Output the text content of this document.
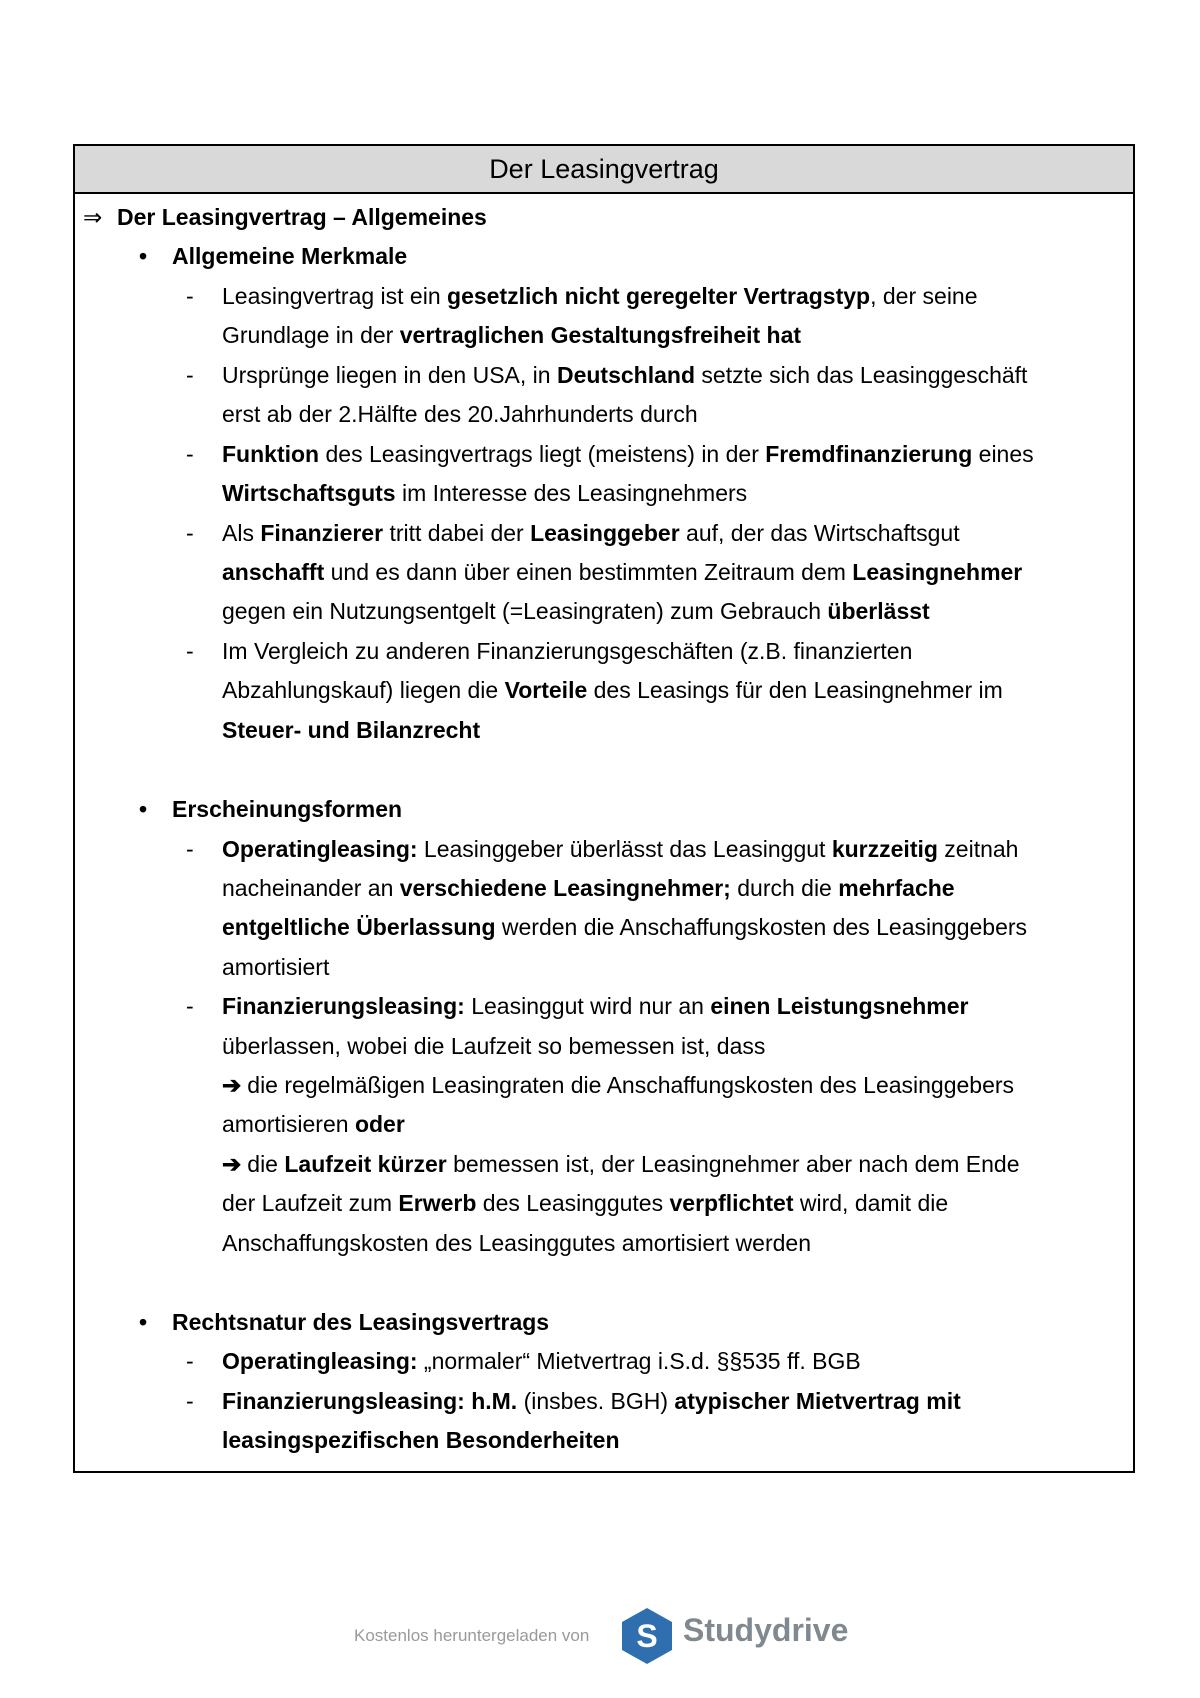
Der Leasingvertrag
⇒ Der Leasingvertrag – Allgemeines
• Allgemeine Merkmale
- Leasingvertrag ist ein gesetzlich nicht geregelter Vertragstyp, der seine
Grundlage in der vertraglichen Gestaltungsfreiheit hat
- Ursprünge liegen in den USA, in Deutschland setzte sich das Leasinggeschäft
erst ab der 2.Hälfte des 20.Jahrhunderts durch
- Funktion des Leasingvertrags liegt (meistens) in der Fremdfinanzierung eines
Wirtschaftsguts im Interesse des Leasingnehmers
- Als Finanzierer tritt dabei der Leasinggeber auf, der das Wirtschaftsgut
anschafft und es dann über einen bestimmten Zeitraum dem Leasingnehmer
gegen ein Nutzungsentgelt (=Leasingraten) zum Gebrauch überlässt
- Im Vergleich zu anderen Finanzierungsgeschäften (z.B. finanzierten
Abzahlungskauf) liegen die Vorteile des Leasings für den Leasingnehmer im
Steuer- und Bilanzrecht
• Erscheinungsformen
- Operatingleasing: Leasinggeber überlässt das Leasinggut kurzzeitig zeitnah
nacheinander an verschiedene Leasingnehmer; durch die mehrfache
entgeltliche Überlassung werden die Anschaffungskosten des Leasinggebers
amortisiert
- Finanzierungsleasing: Leasinggut wird nur an einen Leistungsnehmer
überlassen, wobei die Laufzeit so bemessen ist, dass
➔ die regelmäßigen Leasingraten die Anschaffungskosten des Leasinggebers
amortisieren oder
➔ die Laufzeit kürzer bemessen ist, der Leasingnehmer aber nach dem Ende
der Laufzeit zum Erwerb des Leasinggutes verpflichtet wird, damit die
Anschaffungskosten des Leasinggutes amortisiert werden
• Rechtsnatur des Leasingsvertrags
- Operatingleasing: „normaler“ Mietvertrag i.S.d. §§535 ff. BGB
- Finanzierungsleasing: h.M. (insbes. BGH) atypischer Mietvertrag mit
leasingspezifischen Besonderheiten
Kostenlos heruntergeladen von S Studydrive
